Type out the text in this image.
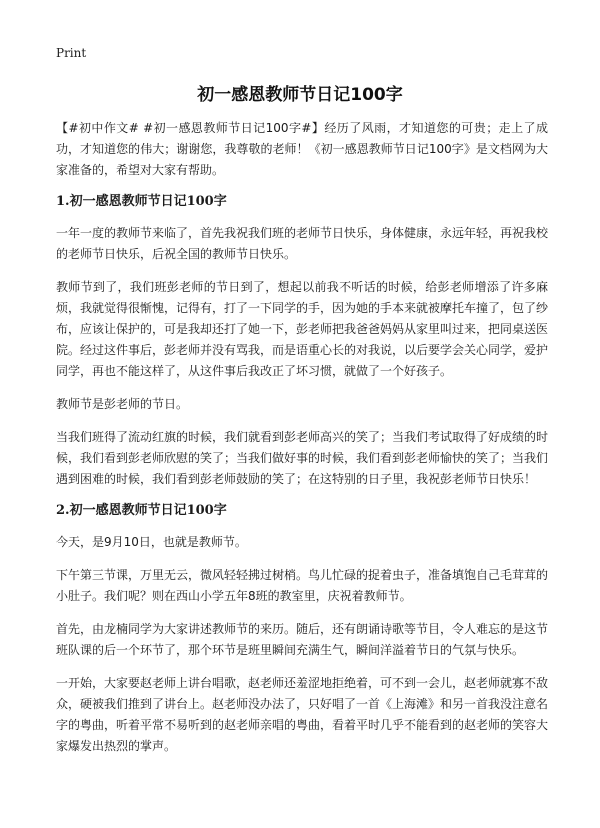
Print
初一感恩教师节日记100字

【#初中作文# #初一感恩教师节日记100字#】经历了风雨，才知道您的可贵；走上了成功，才知道您的伟大；谢谢您，我尊敬的老师！《初一感恩教师节日记100字》是文档网为大家准备的，希望对大家有帮助。

1.初一感恩教师节日记100字

一年一度的教师节来临了，首先我祝我们班的老师节日快乐，身体健康，永远年轻，再祝我校的老师节日快乐，后祝全国的教师节日快乐。

教师节到了，我们班彭老师的节日到了，想起以前我不听话的时候，给彭老师增添了许多麻烦，我就觉得很惭愧，记得有，打了一下同学的手，因为她的手本来就被摩托车撞了，包了纱布，应该让保护的，可是我却还打了她一下，彭老师把我爸爸妈妈从家里叫过来，把同桌送医院。经过这件事后，彭老师并没有骂我，而是语重心长的对我说，以后要学会关心同学，爱护同学，再也不能这样了，从这件事后我改正了坏习惯，就做了一个好孩子。

教师节是彭老师的节日。

当我们班得了流动红旗的时候，我们就看到彭老师高兴的笑了；当我们考试取得了好成绩的时候，我们看到彭老师欣慰的笑了；当我们做好事的时候，我们看到彭老师愉快的笑了；当我们遇到困难的时候，我们看到彭老师鼓励的笑了；在这特别的日子里，我祝彭老师节日快乐！

2.初一感恩教师节日记100字

今天，是9月10日，也就是教师节。

下午第三节课，万里无云，微风轻轻拂过树梢。鸟儿忙碌的捉着虫子，准备填饱自己毛茸茸的小肚子。我们呢？则在西山小学五年8班的教室里，庆祝着教师节。

首先，由龙楠同学为大家讲述教师节的来历。随后，还有朗诵诗歌等节目，令人难忘的是这节班队课的后一个环节了，那个环节是班里瞬间充满生气，瞬间洋溢着节日的气氛与快乐。

一开始，大家要赵老师上讲台唱歌，赵老师还羞涩地拒绝着，可不到一会儿，赵老师就寡不敌众，硬被我们推到了讲台上。赵老师没办法了，只好唱了一首《上海滩》和另一首我没注意名字的粤曲，听着平常不易听到的赵老师亲唱的粤曲，看着平时几乎不能看到的赵老师的笑容大家爆发出热烈的掌声。
